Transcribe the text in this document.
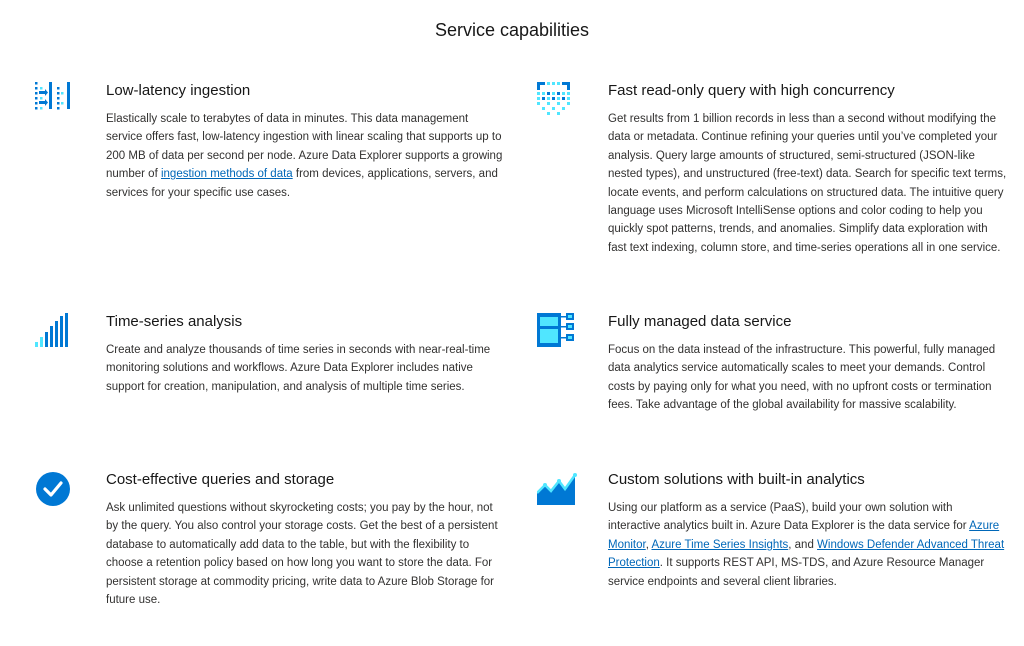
Service capabilities
Low-latency ingestion

Elastically scale to terabytes of data in minutes. This data management service offers fast, low-latency ingestion with linear scaling that supports up to 200 MB of data per second per node. Azure Data Explorer supports a growing number of ingestion methods of data from devices, applications, servers, and services for your specific use cases.

Fast read-only query with high concurrency

Get results from 1 billion records in less than a second without modifying the data or metadata. Continue refining your queries until you’ve completed your analysis. Query large amounts of structured, semi-structured (JSON-like nested types), and unstructured (free-text) data. Search for specific text terms, locate events, and perform calculations on structured data. The intuitive query language uses Microsoft IntelliSense options and color coding to help you quickly spot patterns, trends, and anomalies. Simplify data exploration with fast text indexing, column store, and time-series operations all in one service.

Time-series analysis

Create and analyze thousands of time series in seconds with near-real-time monitoring solutions and workflows. Azure Data Explorer includes native support for creation, manipulation, and analysis of multiple time series.

Fully managed data service

Focus on the data instead of the infrastructure. This powerful, fully managed data analytics service automatically scales to meet your demands. Control costs by paying only for what you need, with no upfront costs or termination fees. Take advantage of the global availability for massive scalability.

Cost-effective queries and storage

Ask unlimited questions without skyrocketing costs; you pay by the hour, not by the query. You also control your storage costs. Get the best of a persistent database to automatically add data to the table, but with the flexibility to choose a retention policy based on how long you want to store the data. For persistent storage at commodity pricing, write data to Azure Blob Storage for future use.

Custom solutions with built-in analytics

Using our platform as a service (PaaS), build your own solution with interactive analytics built in. Azure Data Explorer is the data service for Azure Monitor, Azure Time Series Insights, and Windows Defender Advanced Threat Protection. It supports REST API, MS-TDS, and Azure Resource Manager service endpoints and several client libraries.
